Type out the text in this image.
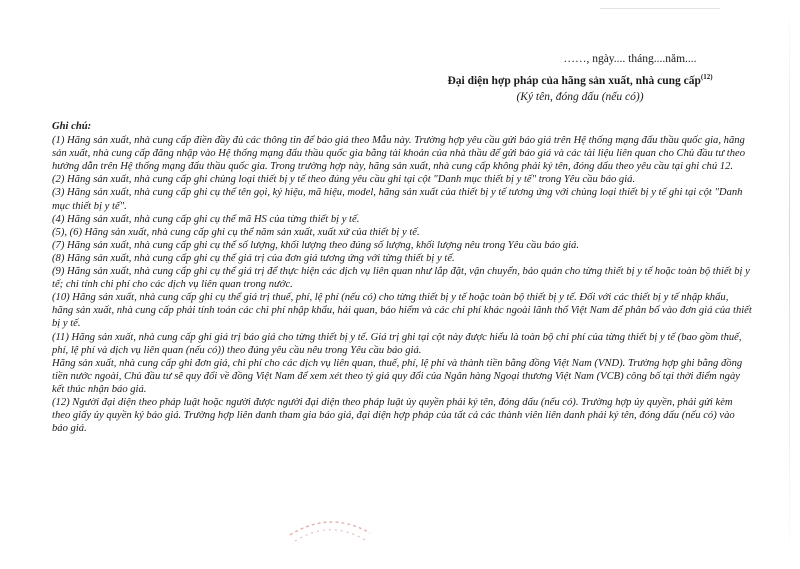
……, ngày.... tháng....năm....
Đại diện hợp pháp của hãng sản xuất, nhà cung cấp$^{(12)}$
(Ký tên, đóng dấu (nếu có))
Ghi chú:

(1) Hãng sản xuất, nhà cung cấp điền đầy đủ các thông tin để báo giá theo Mẫu này. Trường hợp yêu cầu gửi báo giá trên Hệ thống mạng đấu thầu quốc gia, hãng sản xuất, nhà cung cấp đăng nhập vào Hệ thống mạng đấu thầu quốc gia bằng tài khoản của nhà thầu để gửi báo giá và các tài liệu liên quan cho Chủ đầu tư theo hướng dẫn trên Hệ thống mạng đấu thầu quốc gia. Trong trường hợp này, hãng sản xuất, nhà cung cấp không phải ký tên, đóng dấu theo yêu cầu tại ghi chú 12.

(2) Hãng sản xuất, nhà cung cấp ghi chủng loại thiết bị y tế theo đúng yêu cầu ghi tại cột "Danh mục thiết bị y tế" trong Yêu cầu báo giá.

(3) Hãng sản xuất, nhà cung cấp ghi cụ thể tên gọi, ký hiệu, mã hiệu, model, hãng sản xuất của thiết bị y tế tương ứng với chủng loại thiết bị y tế ghi tại cột "Danh mục thiết bị y tế".

(4) Hãng sản xuất, nhà cung cấp ghi cụ thể mã HS của từng thiết bị y tế.

(5), (6) Hãng sản xuất, nhà cung cấp ghi cụ thể năm sản xuất, xuất xứ của thiết bị y tế.

(7) Hãng sản xuất, nhà cung cấp ghi cụ thể số lượng, khối lượng theo đúng số lượng, khối lượng nêu trong Yêu cầu báo giá.

(8) Hãng sản xuất, nhà cung cấp ghi cụ thể giá trị của đơn giá tương ứng với từng thiết bị y tế.

(9) Hãng sản xuất, nhà cung cấp ghi cụ thể giá trị để thực hiện các dịch vụ liên quan như lắp đặt, vận chuyển, bảo quản cho từng thiết bị y tế hoặc toàn bộ thiết bị y tế; chi tính chi phí cho các dịch vụ liên quan trong nước.

(10) Hãng sản xuất, nhà cung cấp ghi cụ thể giá trị thuế, phí, lệ phí (nếu có) cho từng thiết bị y tế hoặc toàn bộ thiết bị y tế. Đối với các thiết bị y tế nhập khẩu, hãng sản xuất, nhà cung cấp phải tính toán các chi phí nhập khẩu, hải quan, bảo hiểm và các chi phí khác ngoài lãnh thổ Việt Nam để phân bổ vào đơn giá của thiết bị y tế.

(11) Hãng sản xuất, nhà cung cấp ghi giá trị báo giá cho từng thiết bị y tế. Giá trị ghi tại cột này được hiểu là toàn bộ chi phí của từng thiết bị y tế (bao gồm thuế, phí, lệ phí và dịch vụ liên quan (nếu có)) theo đúng yêu cầu nêu trong Yêu cầu báo giá.

Hãng sản xuất, nhà cung cấp ghi đơn giá, chi phí cho các dịch vụ liên quan, thuế, phí, lệ phí và thành tiền bằng đồng Việt Nam (VND). Trường hợp ghi bằng đồng tiền nước ngoài, Chủ đầu tư sẽ quy đổi về đồng Việt Nam để xem xét theo tỷ giá quy đổi của Ngân hàng Ngoại thương Việt Nam (VCB) công bố tại thời điểm ngày kết thúc nhận báo giá.

(12) Người đại diện theo pháp luật hoặc người được người đại diện theo pháp luật ủy quyền phải ký tên, đóng dấu (nếu có). Trường hợp ủy quyền, phải gửi kèm theo giấy ủy quyền ký báo giá. Trường hợp liên danh tham gia báo giá, đại diện hợp pháp của tất cả các thành viên liên danh phải ký tên, đóng dấu (nếu có) vào báo giá.
